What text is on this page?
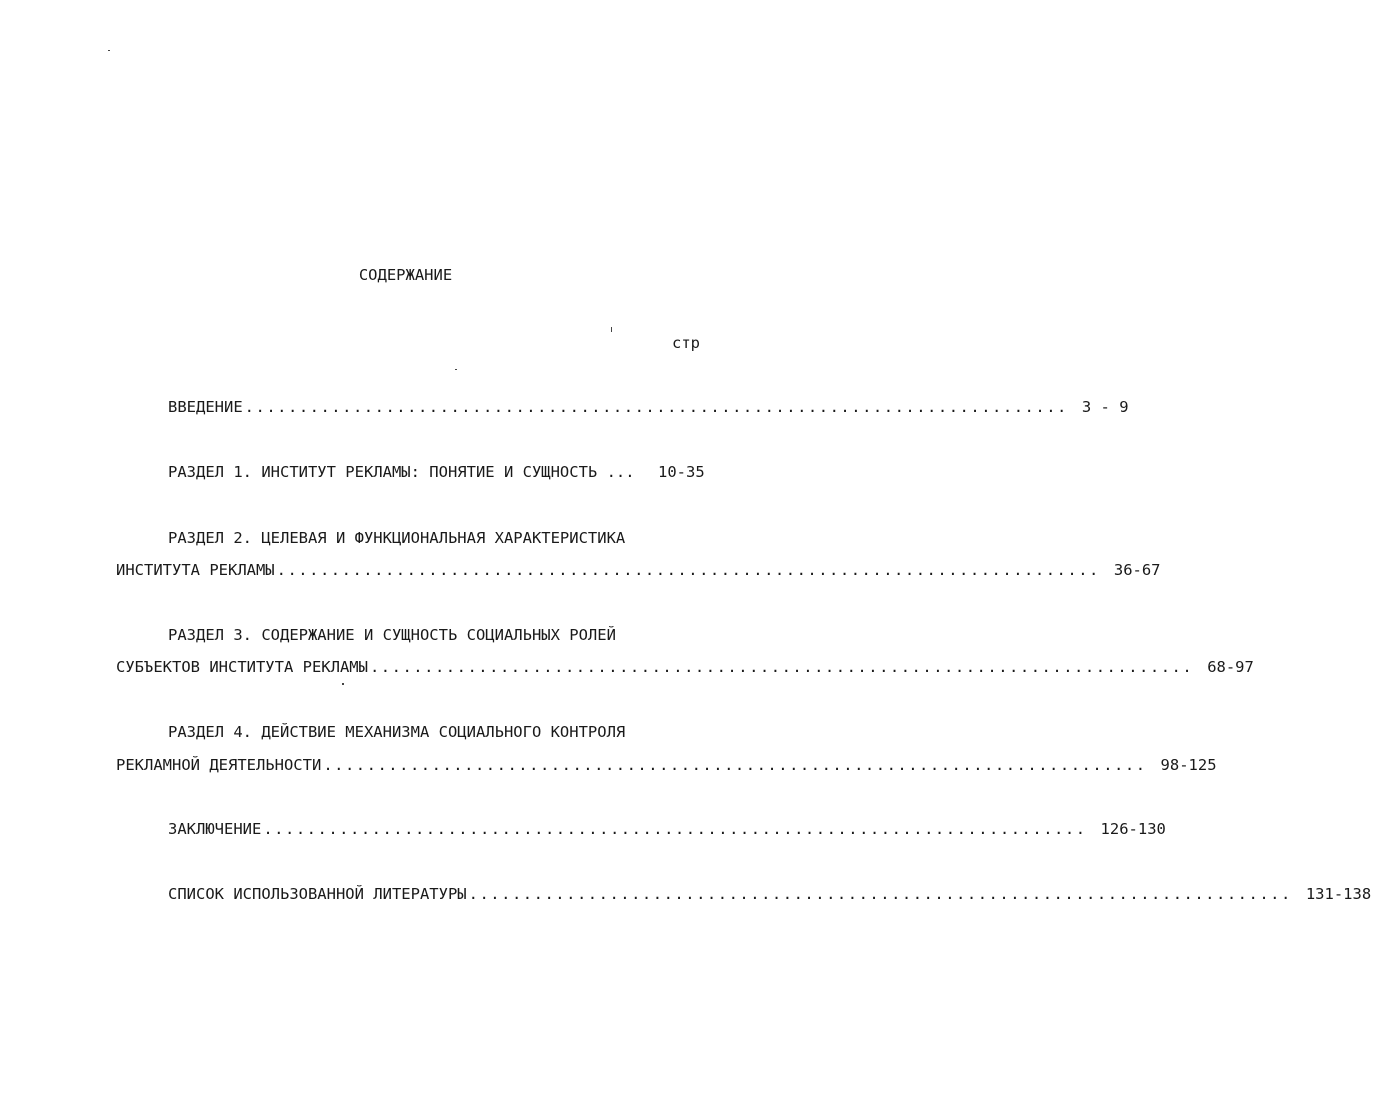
СОДЕРЖАНИЕ
стр
ВВЕДЕНИЕ ............................................................................ 3 - 9
РАЗДЕЛ 1. ИНСТИТУТ РЕКЛАМЫ: ПОНЯТИЕ И СУЩНОСТЬ ...	10-35
РАЗДЕЛ 2. ЦЕЛЕВАЯ И ФУНКЦИОНАЛЬНАЯ ХАРАКТЕРИСТИКА
ИНСТИТУТА РЕКЛАМЫ ............................................................................ 36-67
РАЗДЕЛ 3. СОДЕРЖАНИЕ И СУЩНОСТЬ СОЦИАЛЬНЫХ РОЛЕЙ
СУБЪЕКТОВ ИНСТИТУТА РЕКЛАМЫ ............................................................................ 68-97
РАЗДЕЛ 4. ДЕЙСТВИЕ МЕХАНИЗМА СОЦИАЛЬНОГО КОНТРОЛЯ
РЕКЛАМНОЙ ДЕЯТЕЛЬНОСТИ ............................................................................ 98-125
ЗАКЛЮЧЕНИЕ ............................................................................ 126-130
СПИСОК ИСПОЛЬЗОВАННОЙ ЛИТЕРАТУРЫ ............................................................................ 131-138
